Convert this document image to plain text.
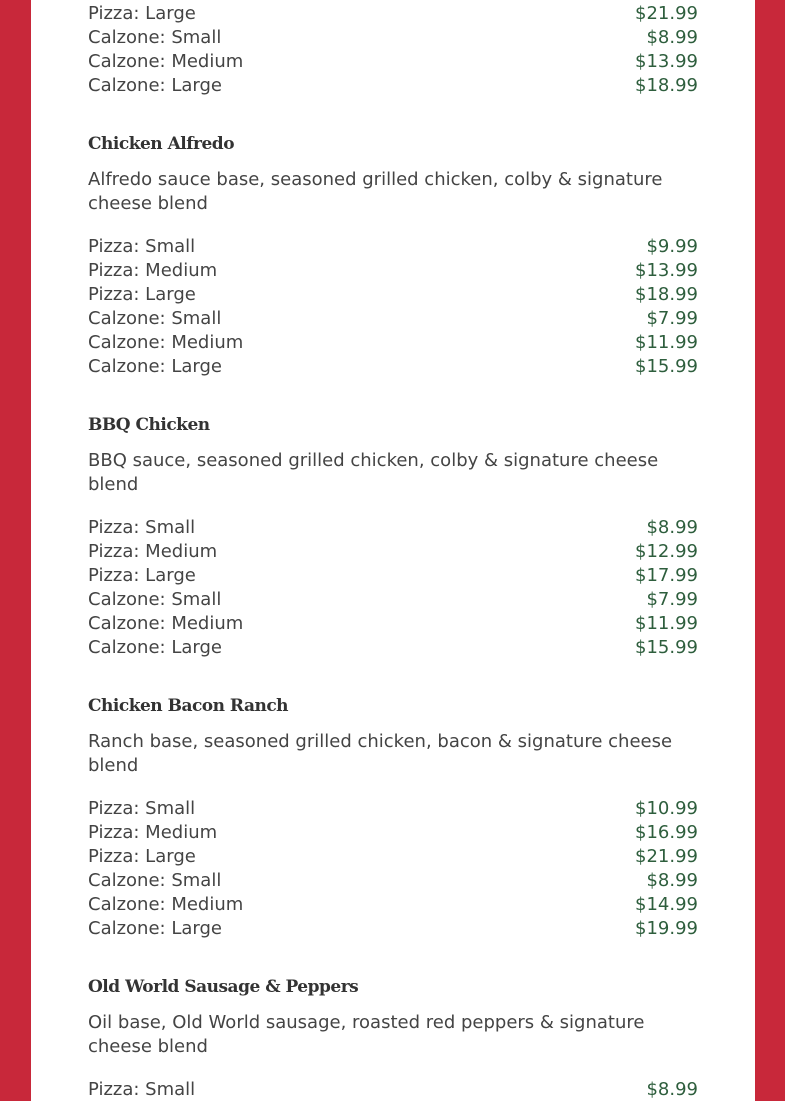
Pizza: Large	$21.99
Calzone: Small	$8.99
Calzone: Medium	$13.99
Calzone: Large	$18.99
Chicken Alfredo
Alfredo sauce base, seasoned grilled chicken, colby & signature cheese blend
Pizza: Small	$9.99
Pizza: Medium	$13.99
Pizza: Large	$18.99
Calzone: Small	$7.99
Calzone: Medium	$11.99
Calzone: Large	$15.99
BBQ Chicken
BBQ sauce, seasoned grilled chicken, colby & signature cheese blend
Pizza: Small	$8.99
Pizza: Medium	$12.99
Pizza: Large	$17.99
Calzone: Small	$7.99
Calzone: Medium	$11.99
Calzone: Large	$15.99
Chicken Bacon Ranch
Ranch base, seasoned grilled chicken, bacon & signature cheese blend
Pizza: Small	$10.99
Pizza: Medium	$16.99
Pizza: Large	$21.99
Calzone: Small	$8.99
Calzone: Medium	$14.99
Calzone: Large	$19.99
Old World Sausage & Peppers
Oil base, Old World sausage, roasted red peppers & signature cheese blend
Pizza: Small	$8.99
